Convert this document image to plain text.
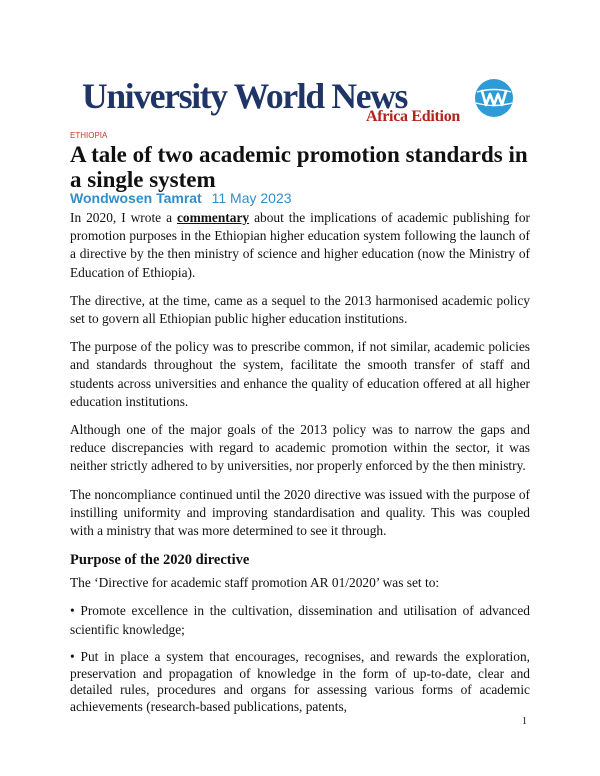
University World News
Africa Edition
ETHIOPIA
A tale of two academic promotion standards in a single system
Wondwosen Tamrat 11 May 2023

In 2020, I wrote a commentary about the implications of academic publishing for promotion purposes in the Ethiopian higher education system following the launch of a directive by the then ministry of science and higher education (now the Ministry of Education of Ethiopia).

The directive, at the time, came as a sequel to the 2013 harmonised academic policy set to govern all Ethiopian public higher education institutions.

The purpose of the policy was to prescribe common, if not similar, academic policies and standards throughout the system, facilitate the smooth transfer of staff and students across universities and enhance the quality of education offered at all higher education institutions.

Although one of the major goals of the 2013 policy was to narrow the gaps and reduce discrepancies with regard to academic promotion within the sector, it was neither strictly adhered to by universities, nor properly enforced by the then ministry.

The noncompliance continued until the 2020 directive was issued with the purpose of instilling uniformity and improving standardisation and quality. This was coupled with a ministry that was more determined to see it through.

Purpose of the 2020 directive

The ‘Directive for academic staff promotion AR 01/2020’ was set to:

• Promote excellence in the cultivation, dissemination and utilisation of advanced scientific knowledge;

• Put in place a system that encourages, recognises, and rewards the exploration, preservation and propagation of knowledge in the form of up-to-date, clear and detailed rules, procedures and organs for assessing various forms of academic achievements (research-based publications, patents,

1
